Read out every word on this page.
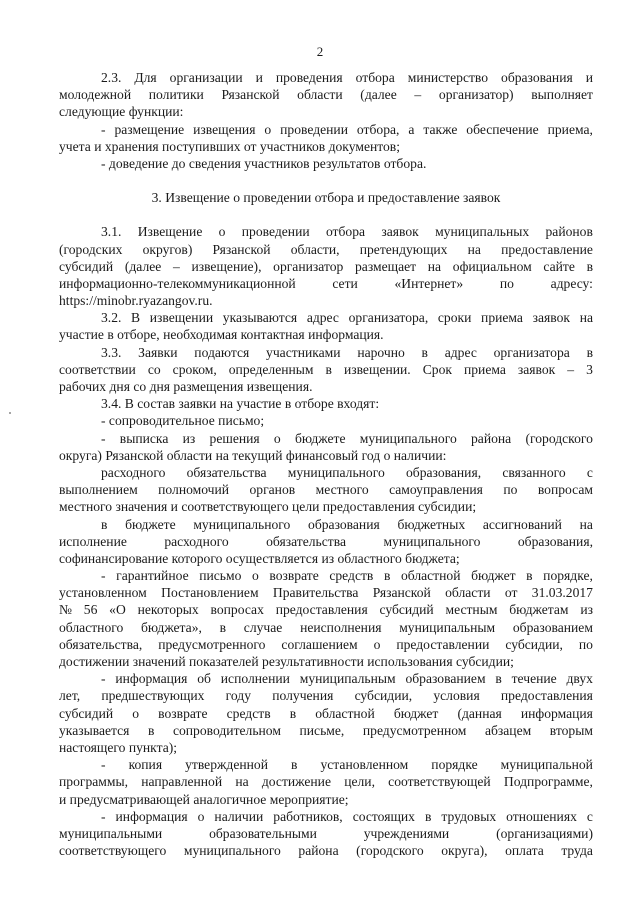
2
2.3. Для организации и проведения отбора министерство образования и
молодежной политики Рязанской области (далее – организатор) выполняет
следующие функции:
- размещение извещения о проведении отбора, а также обеспечение приема,
учета и хранения поступивших от участников документов;
- доведение до сведения участников результатов отбора.
3. Извещение о проведении отбора и предоставление заявок
3.1. Извещение о проведении отбора заявок муниципальных районов
(городских округов) Рязанской области, претендующих на предоставление
субсидий (далее – извещение), организатор размещает на официальном сайте в
информационно-телекоммуникационной	сети	«Интернет»	по	адресу:
https://minobr.ryazangov.ru.
3.2. В извещении указываются адрес организатора, сроки приема заявок на
участие в отборе, необходимая контактная информация.
3.3. Заявки подаются участниками нарочно в адрес организатора в
соответствии со сроком, определенным в извещении. Срок приема заявок – 3
рабочих дня со дня размещения извещения.
3.4. В состав заявки на участие в отборе входят:
- сопроводительное письмо;
- выписка из решения о бюджете муниципального района (городского
округа) Рязанской области на текущий финансовый год о наличии:
расходного обязательства муниципального образования, связанного с
выполнением полномочий органов местного самоуправления по вопросам
местного значения и соответствующего цели предоставления субсидии;
в бюджете муниципального образования бюджетных ассигнований на
исполнение	расходного	обязательства	муниципального	образования,
софинансирование которого осуществляется из областного бюджета;
- гарантийное письмо о возврате средств в областной бюджет в порядке,
установленном Постановлением Правительства Рязанской области от 31.03.2017
№ 56 «О некоторых вопросах предоставления субсидий местным бюджетам из
областного бюджета», в случае неисполнения муниципальным образованием
обязательства, предусмотренного соглашением о предоставлении субсидии, по
достижении значений показателей результативности использования субсидии;
- информация об исполнении муниципальным образованием в течение двух
лет, предшествующих году получения субсидии, условия предоставления
субсидий о возврате средств в областной бюджет (данная информация
указывается в сопроводительном письме, предусмотренном абзацем вторым
настоящего пункта);
- копия утвержденной в установленном порядке муниципальной
программы, направленной на достижение цели, соответствующей Подпрограмме,
и предусматривающей аналогичное мероприятие;
- информация о наличии работников, состоящих в трудовых отношениях с
муниципальными	образовательными	учреждениями	(организациями)
соответствующего муниципального района (городского округа), оплата труда
